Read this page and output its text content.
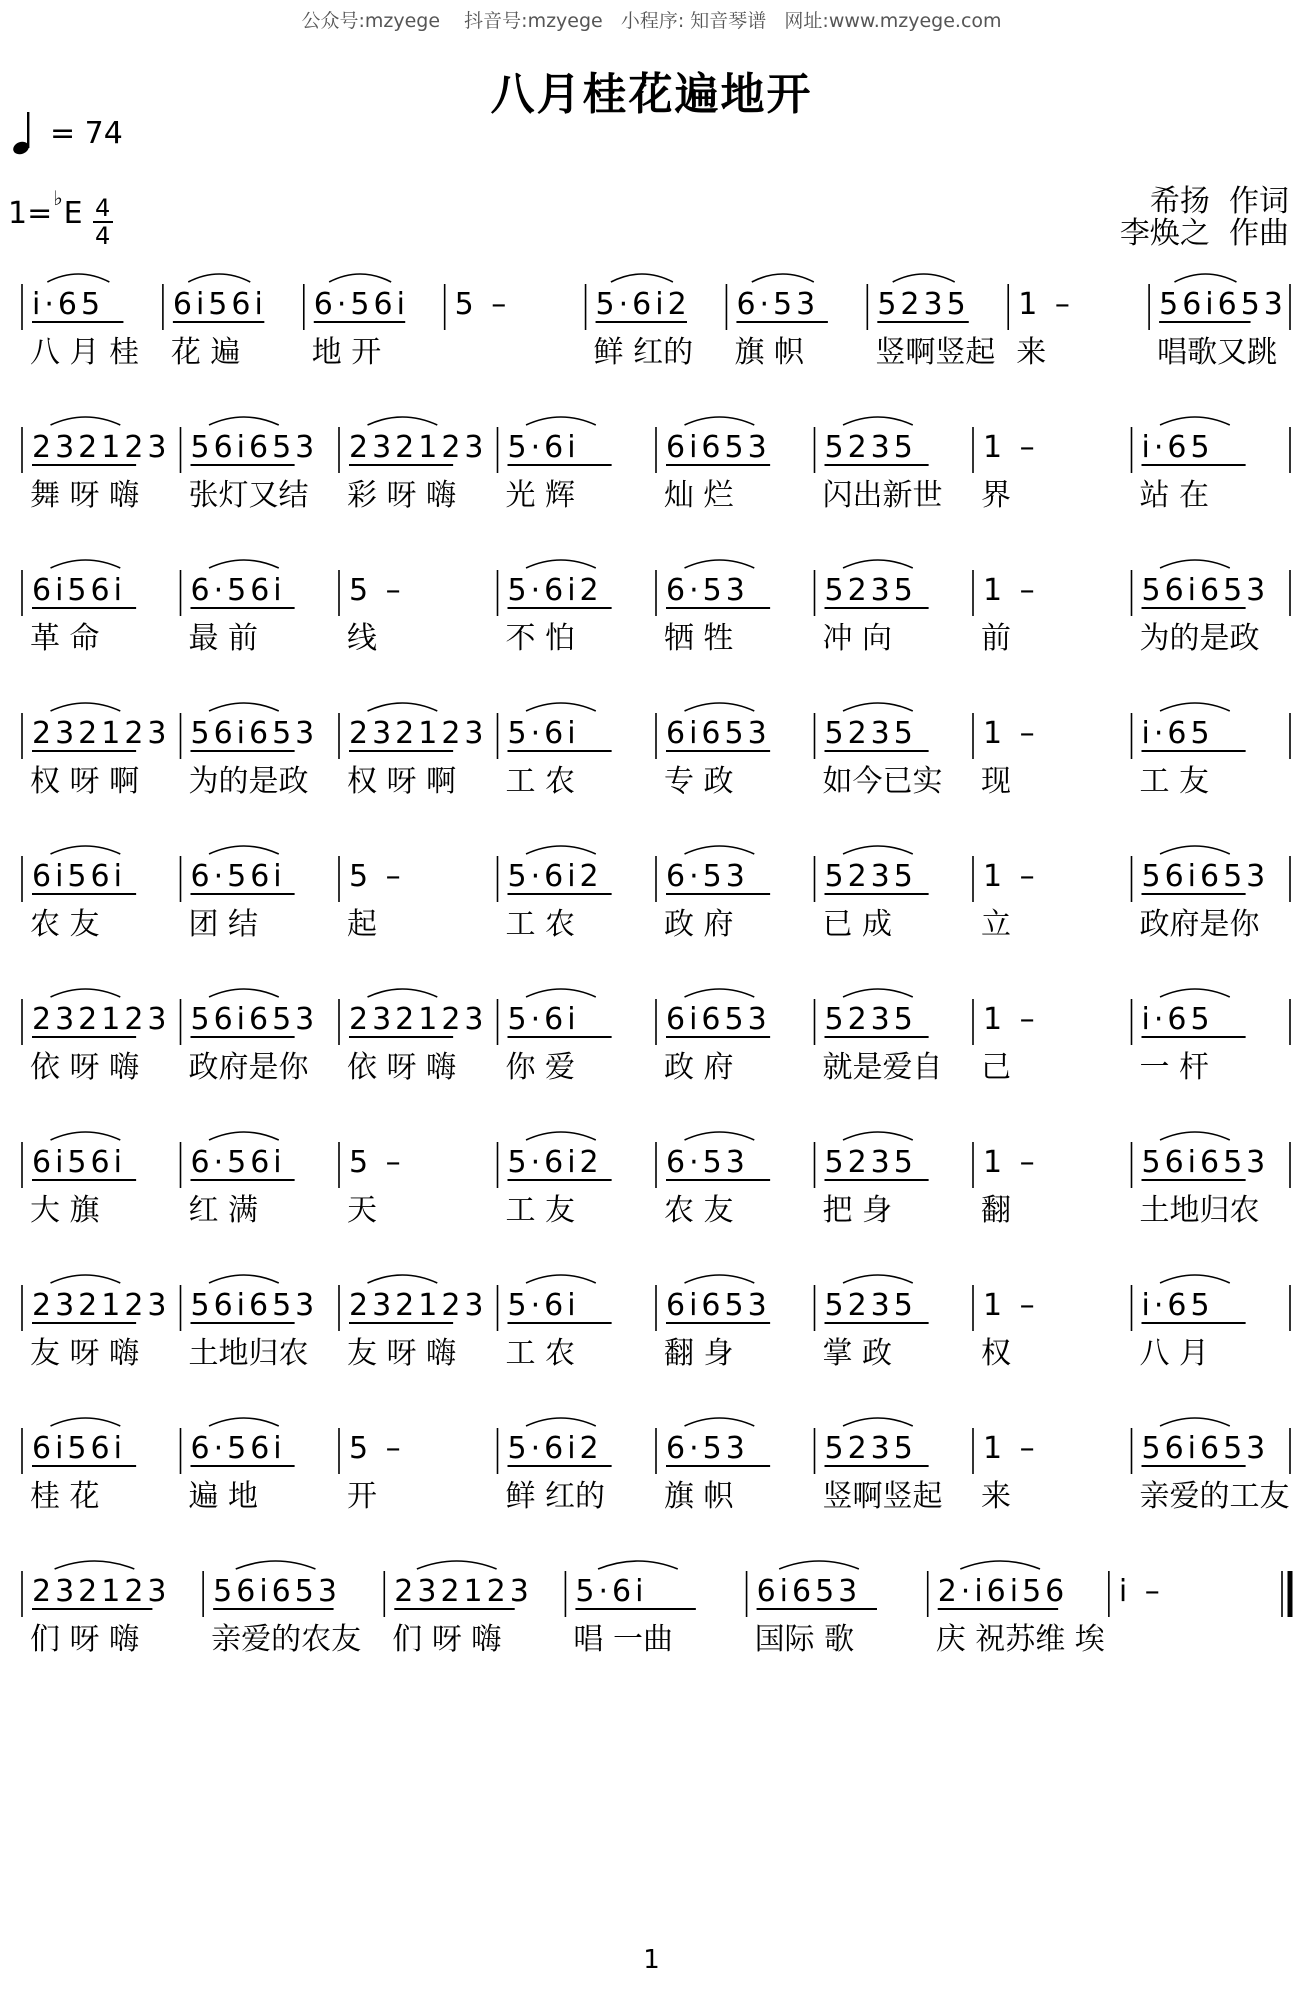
公众号:mzyege    抖音号:mzyege   小程序: 知音琴谱   网址:www.mzyege.com
八月桂花遍地开
= 74
1= ♭ E $\frac{4}{4}$	希扬  作词
李焕之  作曲
i·65
八 月 桂
6i56i
花 遍
6·56i
地 开
5 –	5·6i2
鲜 红的
6·53
旗 帜
5235
竖啊竖起
1 –
来
56i653
唱歌又跳
232123
舞 呀 嗨
56i653
张灯又结
232123
彩 呀 嗨
5·6i
光 辉
6i653
灿 烂
5235
闪出新世
1 –
界
i·65
站 在
6i56i
革 命
6·56i
最 前
5 –
线
5·6i2
不 怕
6·53
牺 牲
5235
冲 向
1 –
前
56i653
为的是政
232123
权 呀 啊
56i653
为的是政
232123
权 呀 啊
5·6i
工 农
6i653
专 政
5235
如今已实
1 –
现
i·65
工 友
6i56i
农 友
6·56i
团 结
5 –
起
5·6i2
工 农
6·53
政 府
5235
已 成
1 –
立
56i653
政府是你
232123
依 呀 嗨
56i653
政府是你
232123
依 呀 嗨
5·6i
你 爱
6i653
政 府
5235
就是爱自
1 –
己
i·65
一 杆
6i56i
大 旗
6·56i
红 满
5 –
天
5·6i2
工 友
6·53
农 友
5235
把 身
1 –
翻
56i653
土地归农
232123
友 呀 嗨
56i653
土地归农
232123
友 呀 嗨
5·6i
工 农
6i653
翻 身
5235
掌 政
1 –
权
i·65
八 月
6i56i
桂 花
6·56i
遍 地
5 –
开
5·6i2
鲜 红的
6·53
旗 帜
5235
竖啊竖起
1 –
来
56i653
亲爱的工友
232123
们 呀 嗨
56i653
亲爱的农友
232123
们 呀 嗨
5·6i
唱 一曲
6i653
国际 歌
2·i6i56
庆 祝苏维 埃
i –
1
